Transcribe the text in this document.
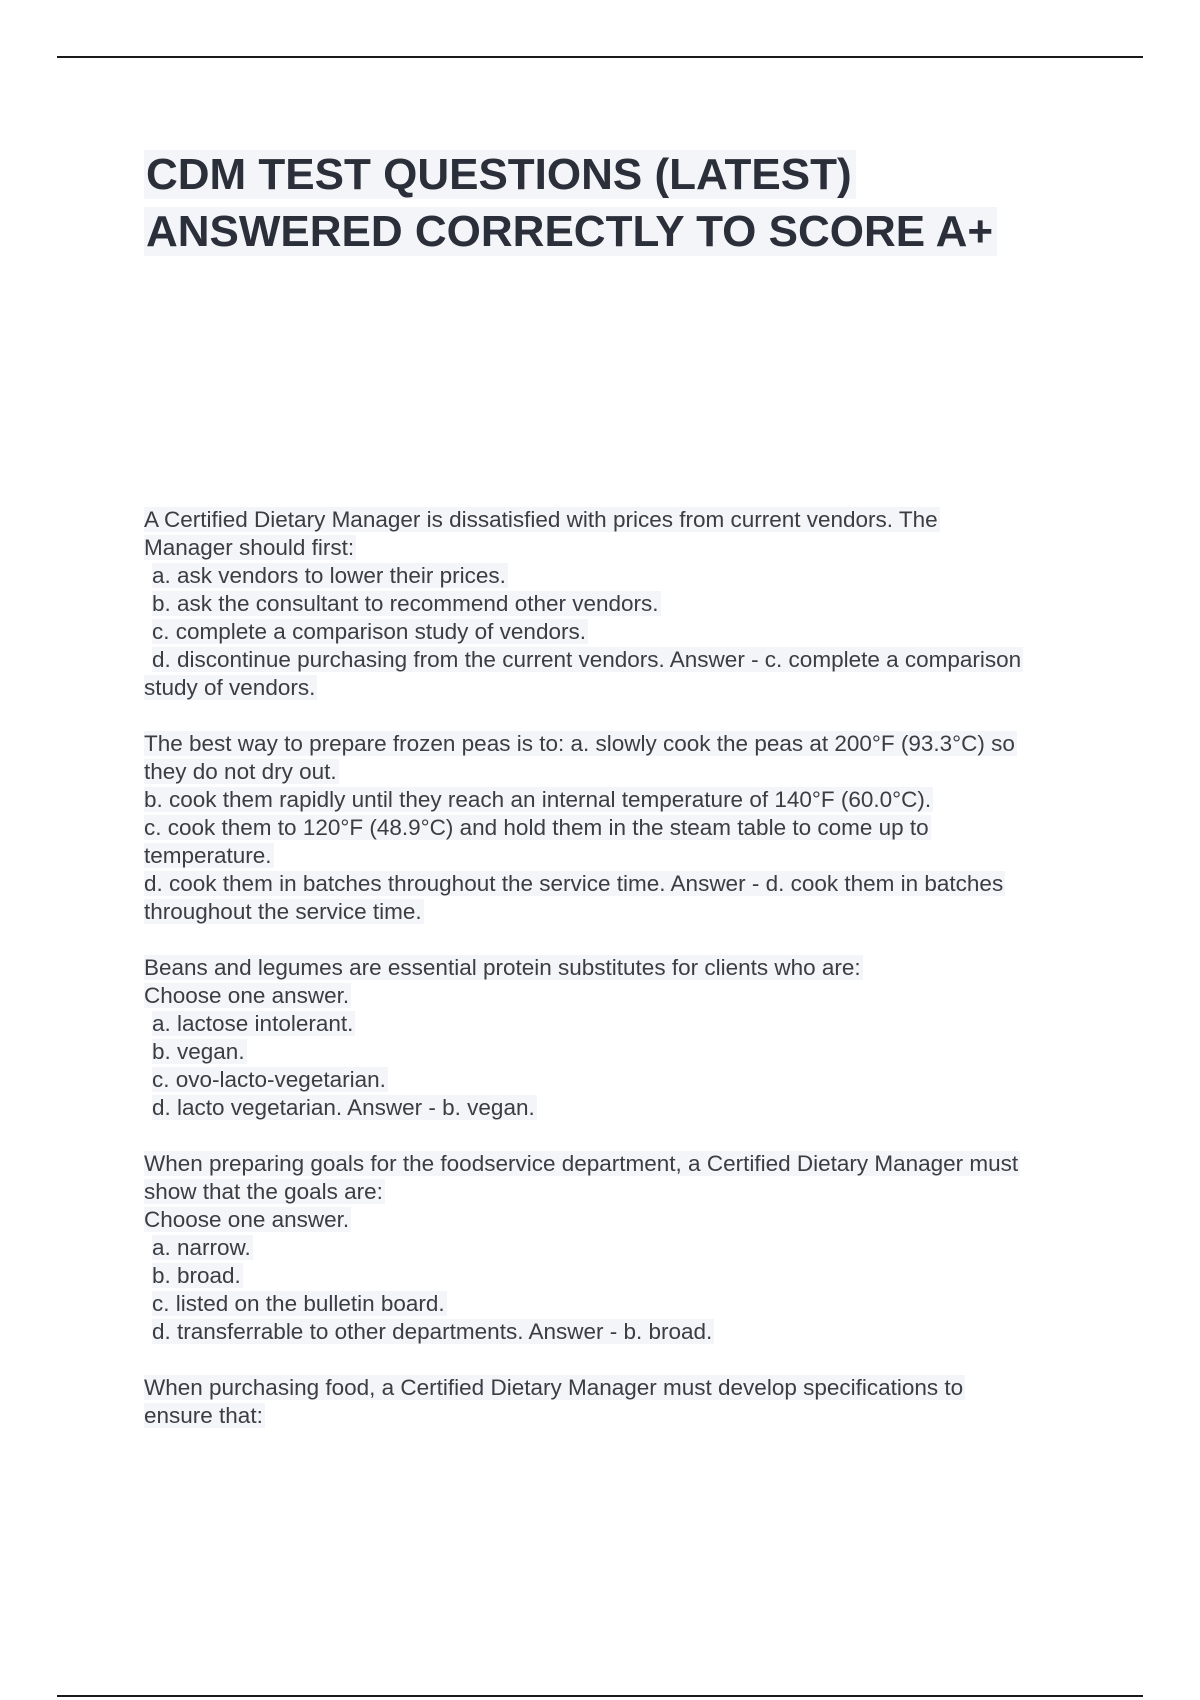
CDM TEST QUESTIONS (LATEST)
ANSWERED CORRECTLY TO SCORE A+
A Certified Dietary Manager is dissatisfied with prices from current vendors. The
Manager should first:
a. ask vendors to lower their prices.
b. ask the consultant to recommend other vendors.
c. complete a comparison study of vendors.
d. discontinue purchasing from the current vendors. Answer - c. complete a comparison
study of vendors.
The best way to prepare frozen peas is to: a. slowly cook the peas at 200°F (93.3°C) so
they do not dry out.
b. cook them rapidly until they reach an internal temperature of 140°F (60.0°C).
c. cook them to 120°F (48.9°C) and hold them in the steam table to come up to
temperature.
d. cook them in batches throughout the service time. Answer - d. cook them in batches
throughout the service time.
Beans and legumes are essential protein substitutes for clients who are:
Choose one answer.
a. lactose intolerant.
b. vegan.
c. ovo-lacto-vegetarian.
d. lacto vegetarian. Answer - b. vegan.
When preparing goals for the foodservice department, a Certified Dietary Manager must
show that the goals are:
Choose one answer.
a. narrow.
b. broad.
c. listed on the bulletin board.
d. transferrable to other departments. Answer - b. broad.
When purchasing food, a Certified Dietary Manager must develop specifications to
ensure that:
